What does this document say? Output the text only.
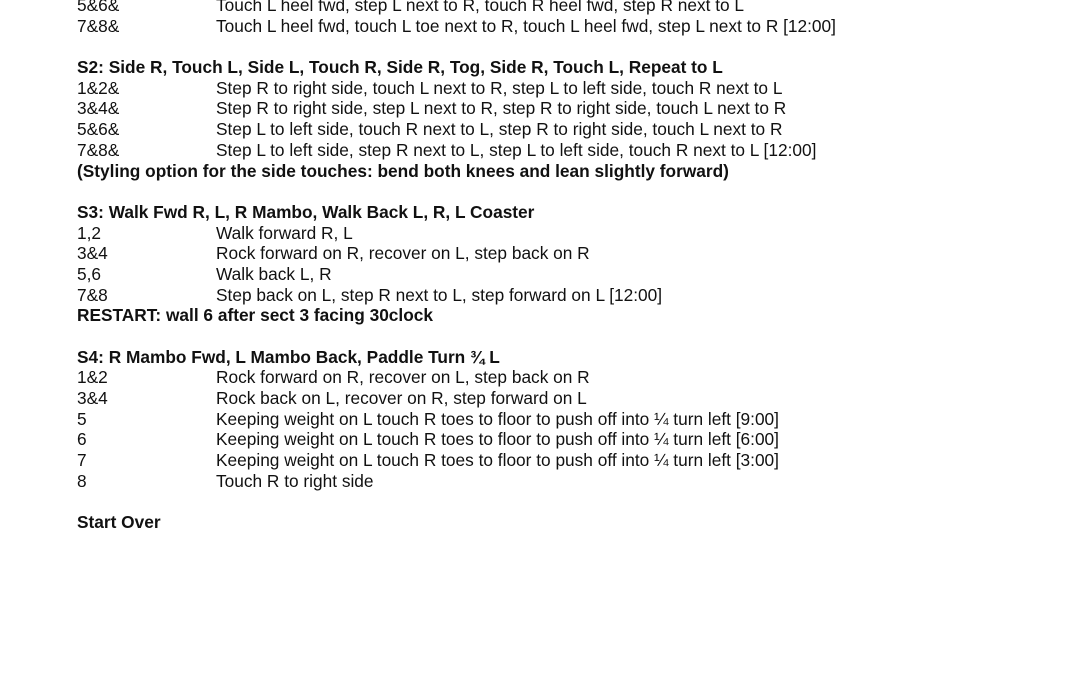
5&6&	Touch L heel fwd, step L next to R, touch R heel fwd, step R next to L
7&8&	Touch L heel fwd, touch L toe next to R, touch L heel fwd, step L next to R [12:00]
S2: Side R, Touch L, Side L, Touch R, Side R, Tog, Side R, Touch L, Repeat to L
1&2&	Step R to right side, touch L next to R, step L to left side, touch R next to L
3&4&	Step R to right side, step L next to R, step R to right side, touch L next to R
5&6&	Step L to left side, touch R next to L, step R to right side, touch L next to R
7&8&	Step L to left side, step R next to L, step L to left side, touch R next to L [12:00]
(Styling option for the side touches: bend both knees and lean slightly forward)
S3: Walk Fwd R, L, R Mambo, Walk Back L, R, L Coaster
1,2	Walk forward R, L
3&4	Rock forward on R, recover on L, step back on R
5,6	Walk back L, R
7&8	Step back on L, step R next to L, step forward on L [12:00]
RESTART: wall 6 after sect 3 facing 30clock
S4: R Mambo Fwd, L Mambo Back, Paddle Turn ¾ L
1&2	Rock forward on R, recover on L, step back on R
3&4	Rock back on L, recover on R, step forward on L
5	Keeping weight on L touch R toes to floor to push off into ¼ turn left [9:00]
6	Keeping weight on L touch R toes to floor to push off into ¼ turn left [6:00]
7	Keeping weight on L touch R toes to floor to push off into ¼ turn left [3:00]
8	Touch R to right side
Start Over
